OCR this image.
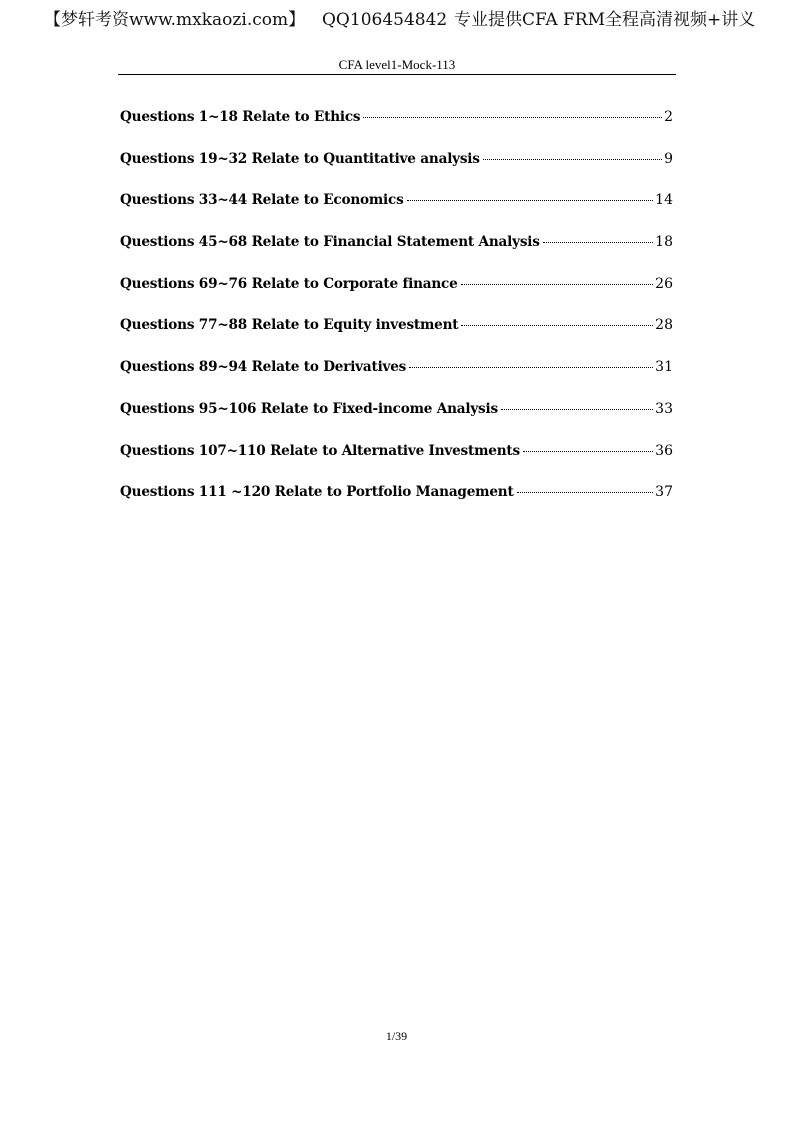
【梦轩考资www.mxkaozi.com】 QQ106454842 专业提供CFA FRM全程高清视频+讲义
CFA level1-Mock-113
Questions 1~18 Relate to Ethics	2
Questions 19~32 Relate to Quantitative analysis	9
Questions 33~44 Relate to Economics	14
Questions 45~68 Relate to Financial Statement Analysis	18
Questions 69~76 Relate to Corporate finance	26
Questions 77~88 Relate to Equity investment	28
Questions 89~94 Relate to Derivatives	31
Questions 95~106 Relate to Fixed-income Analysis	33
Questions 107~110 Relate to Alternative Investments	36
Questions 111 ~120 Relate to Portfolio Management	37
1/39
